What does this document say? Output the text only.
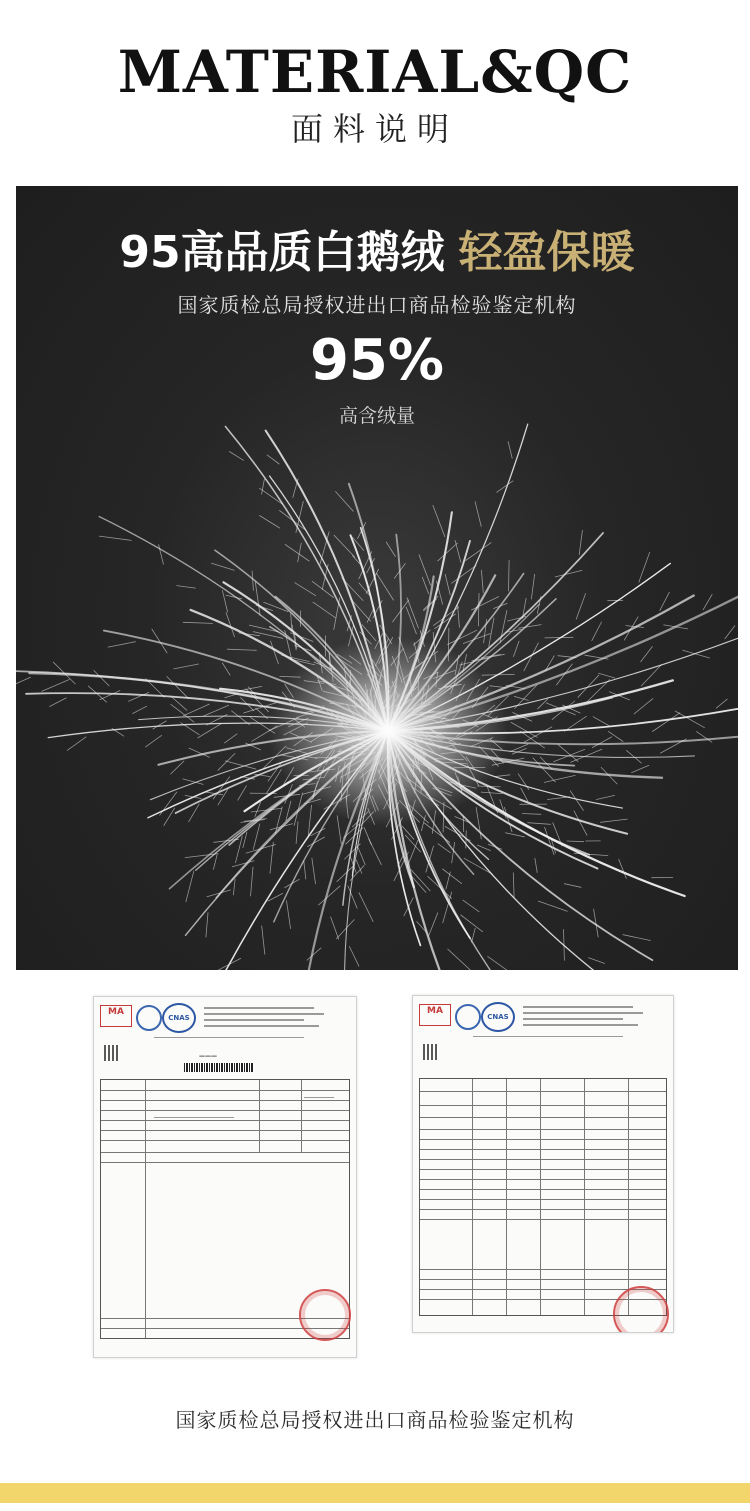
MATERIAL&QC
面料说明
95高品质白鹅绒 轻盈保暖
国家质检总局授权进出口商品检验鉴定机构
95%
高含绒量
MA
CNAS
———
MA
CNAS
国家质检总局授权进出口商品检验鉴定机构
